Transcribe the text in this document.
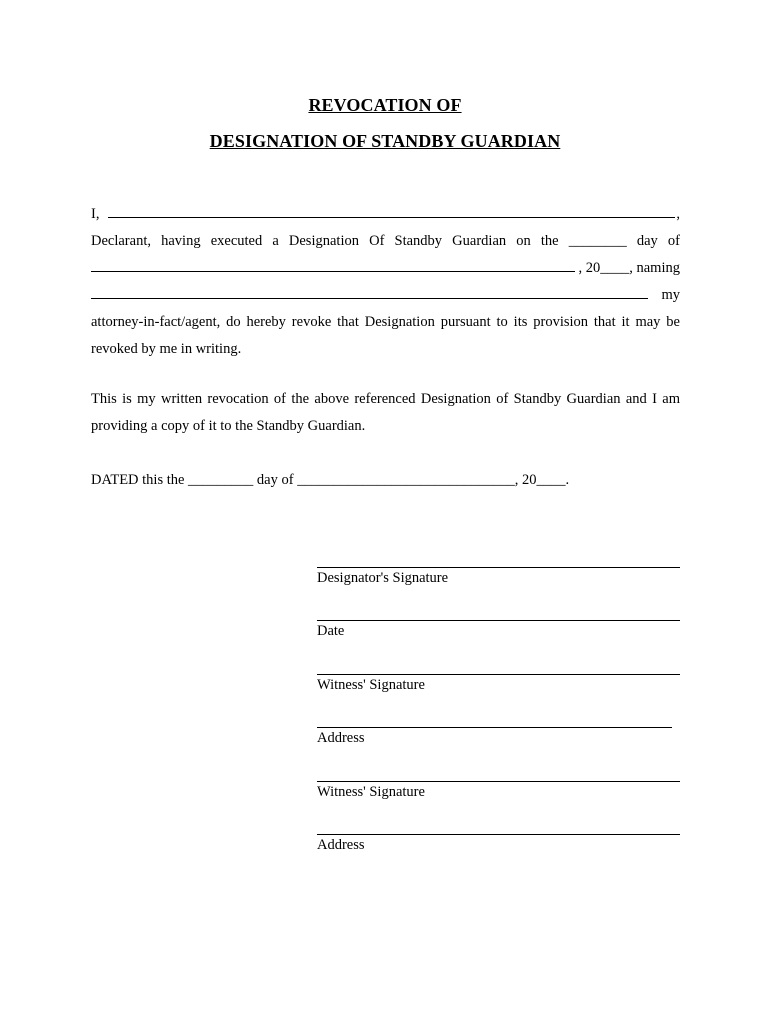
REVOCATION OF
DESIGNATION OF STANDBY GUARDIAN
I,	,
Declarant, having executed a Designation Of Standby Guardian on the ________ day of
, 20____, naming
my
attorney-in-fact/agent, do hereby revoke that Designation pursuant to its provision that it may be
revoked by me in writing.
This is my written revocation of the above referenced Designation of Standby Guardian and I am
providing a copy of it to the Standby Guardian.
DATED this the _________ day of ______________________________, 20____.
Designator's Signature
Date
Witness' Signature
Address
Witness' Signature
Address
